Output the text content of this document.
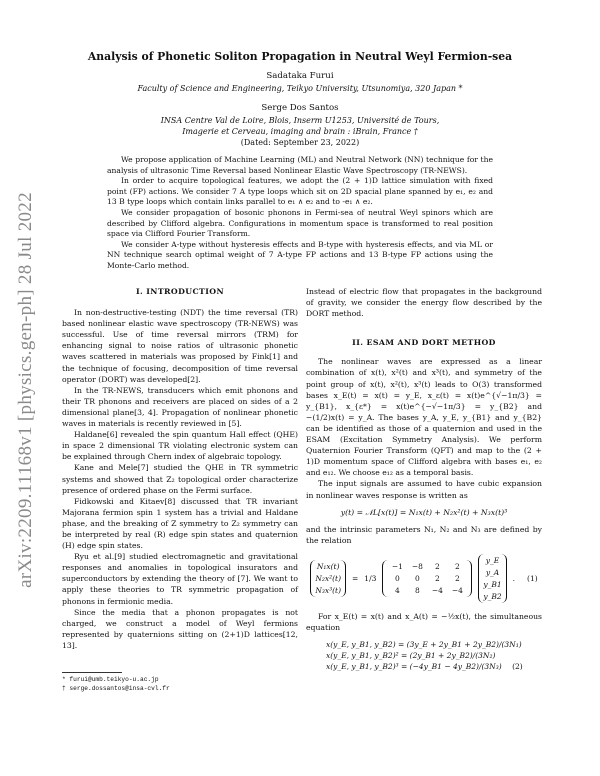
arXiv:2209.11168v1 [physics.gen-ph] 28 Jul 2022
Analysis of Phonetic Soliton Propagation in Neutral Weyl Fermion-sea
Sadataka Furui
Faculty of Science and Engineering, Teikyo University, Utsunomiya, 320 Japan *
Serge Dos Santos
INSA Centre Val de Loire, Blois, Inserm U1253, Université de Tours,
Imagerie et Cerveau, imaging and brain : iBrain, France †
(Dated: September 23, 2022)

We propose application of Machine Learning (ML) and Neutral Network (NN) technique for the analysis of ultrasonic Time Reversal based Nonlinear Elastic Wave Spectroscopy (TR-NEWS).

In order to acquire topological features, we adopt the (2 + 1)D lattice simulation with fixed point (FP) actions. We consider 7 A type loops which sit on 2D spacial plane spanned by e₁, e₂ and 13 B type loops which contain links parallel to e₁ ∧ e₂ and to -e₁ ∧ e₂.

We consider propagation of bosonic phonons in Fermi-sea of neutral Weyl spinors which are described by Clifford algebra. Configurations in momentum space is transformed to real position space via Clifford Fourier Transform.

We consider A-type without hysteresis effects and B-type with hysteresis effects, and via ML or NN technique search optimal weight of 7 A-type FP actions and 13 B-type FP actions using the Monte-Carlo method.

I. INTRODUCTION

In non-destructive-testing (NDT) the time reversal (TR) based nonlinear elastic wave spectroscopy (TR-NEWS) was successful. Use of time reversal mirrors (TRM) for enhancing signal to noise ratios of ultrasonic phonetic waves scattered in materials was proposed by Fink[1] and the technique of focusing, decomposition of time reversal operator (DORT) was developed[2].

In the TR-NEWS, transducers which emit phonons and their TR phonons and receivers are placed on sides of a 2 dimensional plane[3, 4]. Propagation of nonlinear phonetic waves in materials is recently reviewed in [5].

Haldane[6] revealed the spin quantum Hall effect (QHE) in space 2 dimensional TR violating electronic system can be explained through Chern index of algebraic topology.

Kane and Mele[7] studied the QHE in TR symmetric systems and showed that Z₂ topological order characterize presence of ordered phase on the Fermi surface.

Fidkowski and Kitaev[8] discussed that TR invariant Majorana fermion spin 1 system has a trivial and Haldane phase, and the breaking of Z symmetry to Z₂ symmetry can be interpreted by real (R) edge spin states and quaternion (H) edge spin states.

Ryu et al.[9] studied electromagnetic and gravitational responses and anomalies in topological insurators and superconductors by extending the theory of [7]. We want to apply these theories to TR symmetric propagation of phonons in fermionic media.

Since the media that a phonon propagates is not charged, we construct a model of Weyl fermions represented by quaternions sitting on (2+1)D lattices[12, 13].

Instead of electric flow that propagates in the background of gravity, we consider the energy flow described by the DORT method.

II. ESAM AND DORT METHOD

The nonlinear waves are expressed as a linear combination of x(t), x²(t) and x³(t), and symmetry of the point group of x(t), x²(t), x³(t) leads to O(3) transformed bases x_E(t) = x(t) = y_E, x_ε(t) = x(t)e^{√−1π/3} = y_{B1}, x_{ε*} = x(t)e^{−√−1π/3} = y_{B2} and −(1/2)x(t) = y_A. The bases y_A, y_E, y_{B1} and y_{B2} can be identified as those of a quaternion and used in the ESAM (Excitation Symmetry Analysis). We perform Quaternion Fourier Transform (QFT) and map to the (2 + 1)D momentum space of Clifford algebra with bases e₁, e₂ and e₁₂. We choose e₁₂ as a temporal basis.

The input signals are assumed to have cubic expansion in nonlinear waves response is written as

y(t) = 𝒩L[x(t)] = N₁x(t) + N₂x²(t) + N₃x(t)³

and the intrinsic parameters N₁, N₂ and N₃ are defined by the relation

N₁x(t)
N₂x²(t)
N₃x³(t)
= 1/3
−1	−8	2	2
0	0	2	2
4	8	−4	−4
y_E
y_A
y_B1
y_B2
. (1)

For x_E(t) = x(t) and x_A(t) = −½x(t), the simultaneous equation

x(y_E, y_B1, y_B2) = (3y_E + 2y_B1 + 2y_B2)/(3N₁)
x(y_E, y_B1, y_B2)² = (2y_B1 + 2y_B2)/(3N₂)
x(y_E, y_B1, y_B2)³ = (−4y_B1 − 4y_B2)/(3N₃) (2)
* furui@umb.teikyo-u.ac.jp
† serge.dossantos@insa-cvl.fr
